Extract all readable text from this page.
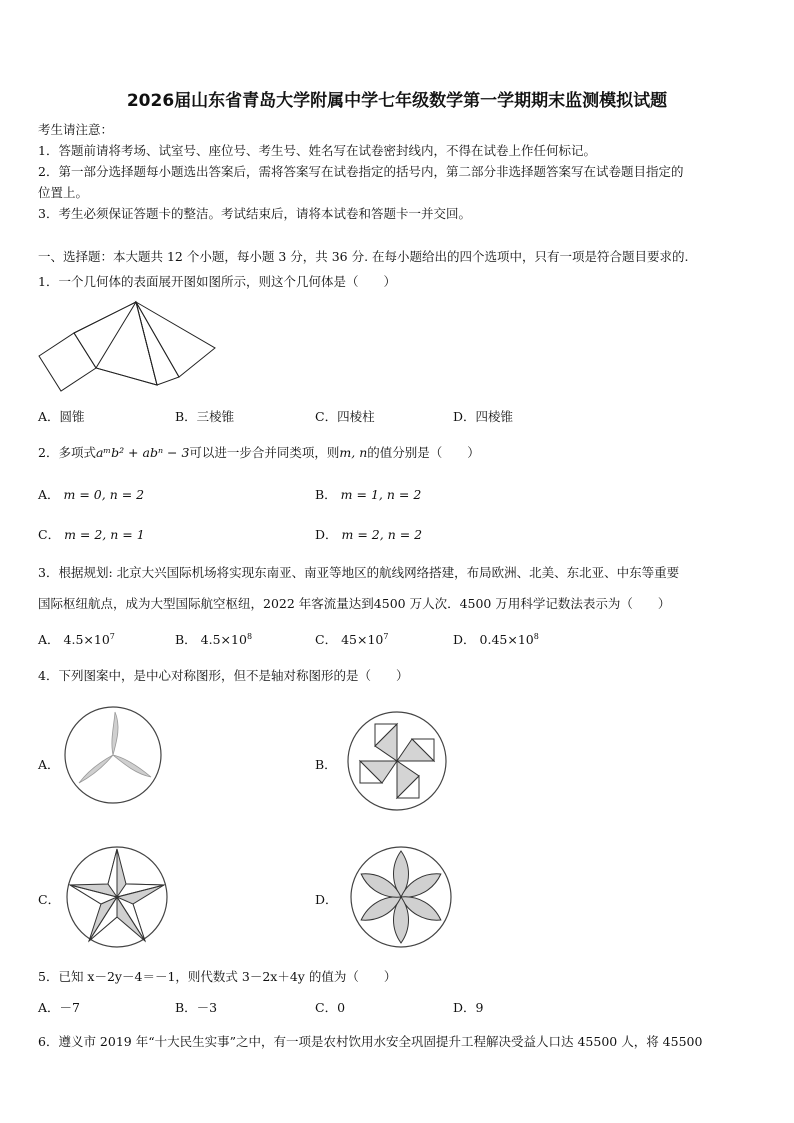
2026届山东省青岛大学附属中学七年级数学第一学期期末监测模拟试题
考生请注意：
1．答题前请将考场、试室号、座位号、考生号、姓名写在试卷密封线内，不得在试卷上作任何标记。
2．第一部分选择题每小题选出答案后，需将答案写在试卷指定的括号内，第二部分非选择题答案写在试卷题目指定的
位置上。
3．考生必须保证答题卡的整洁。考试结束后，请将本试卷和答题卡一并交回。
一、选择题：本大题共 12 个小题，每小题 3 分，共 36 分. 在每小题给出的四个选项中，只有一项是符合题目要求的.
1．一个几何体的表面展开图如图所示，则这个几何体是（　　）
A．圆锥	B．三棱锥	C．四棱柱	D．四棱锥
2．多项式aᵐb² + abⁿ − 3可以进一步合并同类项，则m, n的值分别是（　　）
A． m = 0, n = 2	B． m = 1, n = 2
C． m = 2, n = 1	D． m = 2, n = 2
3．根据规划: 北京大兴国际机场将实现东南亚、南亚等地区的航线网络搭建，布局欧洲、北美、东北亚、中东等重要
国际枢纽航点，成为大型国际航空枢纽，2022 年客流量达到4500 万人次．4500 万用科学记数法表示为（　　）
A． $4.5\times 10^7$	B． $4.5\times 10^8$	C． $45\times 10^7$	D． $0.45\times 10^8$
4．下列图案中，是中心对称图形，但不是轴对称图形的是（　　）
A．	B．
C．	D．
5．已知 x－2y－4＝－1，则代数式 3－2x＋4y 的值为（　　）
A．－7	B．－3	C．0	D．9
6．遵义市 2019 年“十大民生实事”之中，有一项是农村饮用水安全巩固提升工程解决受益人口达 45500 人，将 45500
